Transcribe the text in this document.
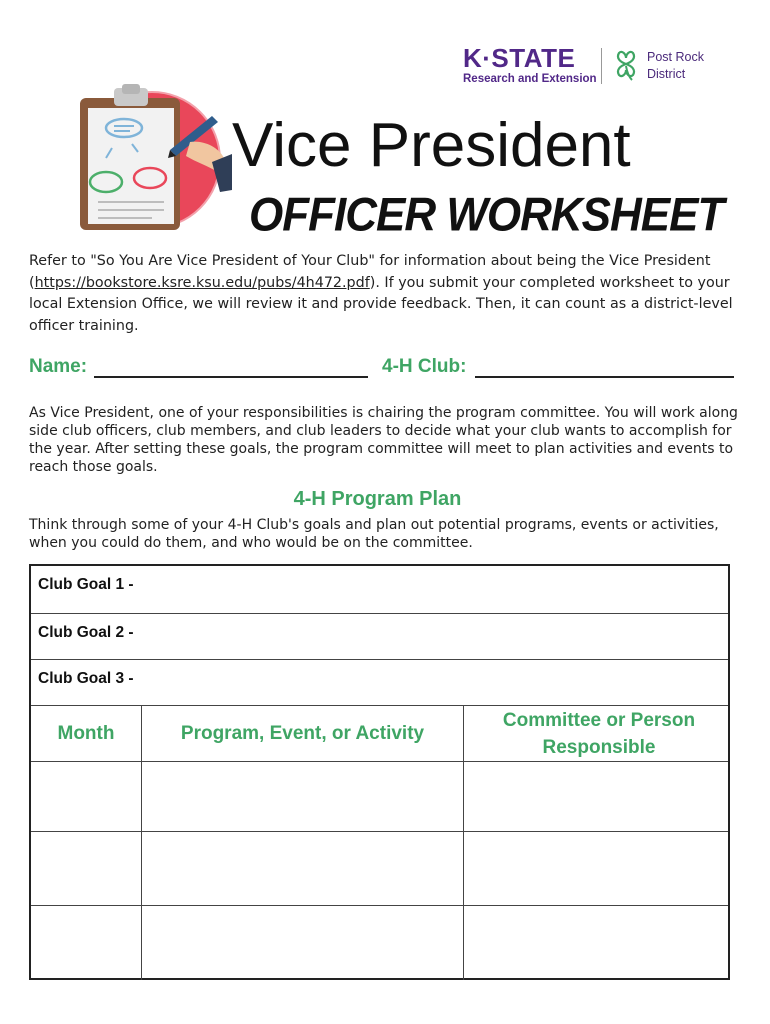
K·STATE
Research and Extension
Post Rock
District
Vice President
OFFICER WORKSHEET
Refer to "So You Are Vice President of Your Club" for information about being the Vice President (https://bookstore.ksre.ksu.edu/pubs/4h472.pdf). If you submit your completed worksheet to your local Extension Office, we will review it and provide feedback. Then, it can count as a district-level officer training.
Name:	4-H Club:
As Vice President, one of your responsibilities is chairing the program committee. You will work along side club officers, club members, and club leaders to decide what your club wants to accomplish for the year. After setting these goals, the program committee will meet to plan activities and events to reach those goals.
4-H Program Plan
Think through some of your 4-H Club's goals and plan out potential programs, events or activities, when you could do them, and who would be on the committee.
Club Goal 1 -
Club Goal 2 -
Club Goal 3 -
Month	Program, Event, or Activity
Committee or Person Responsible
